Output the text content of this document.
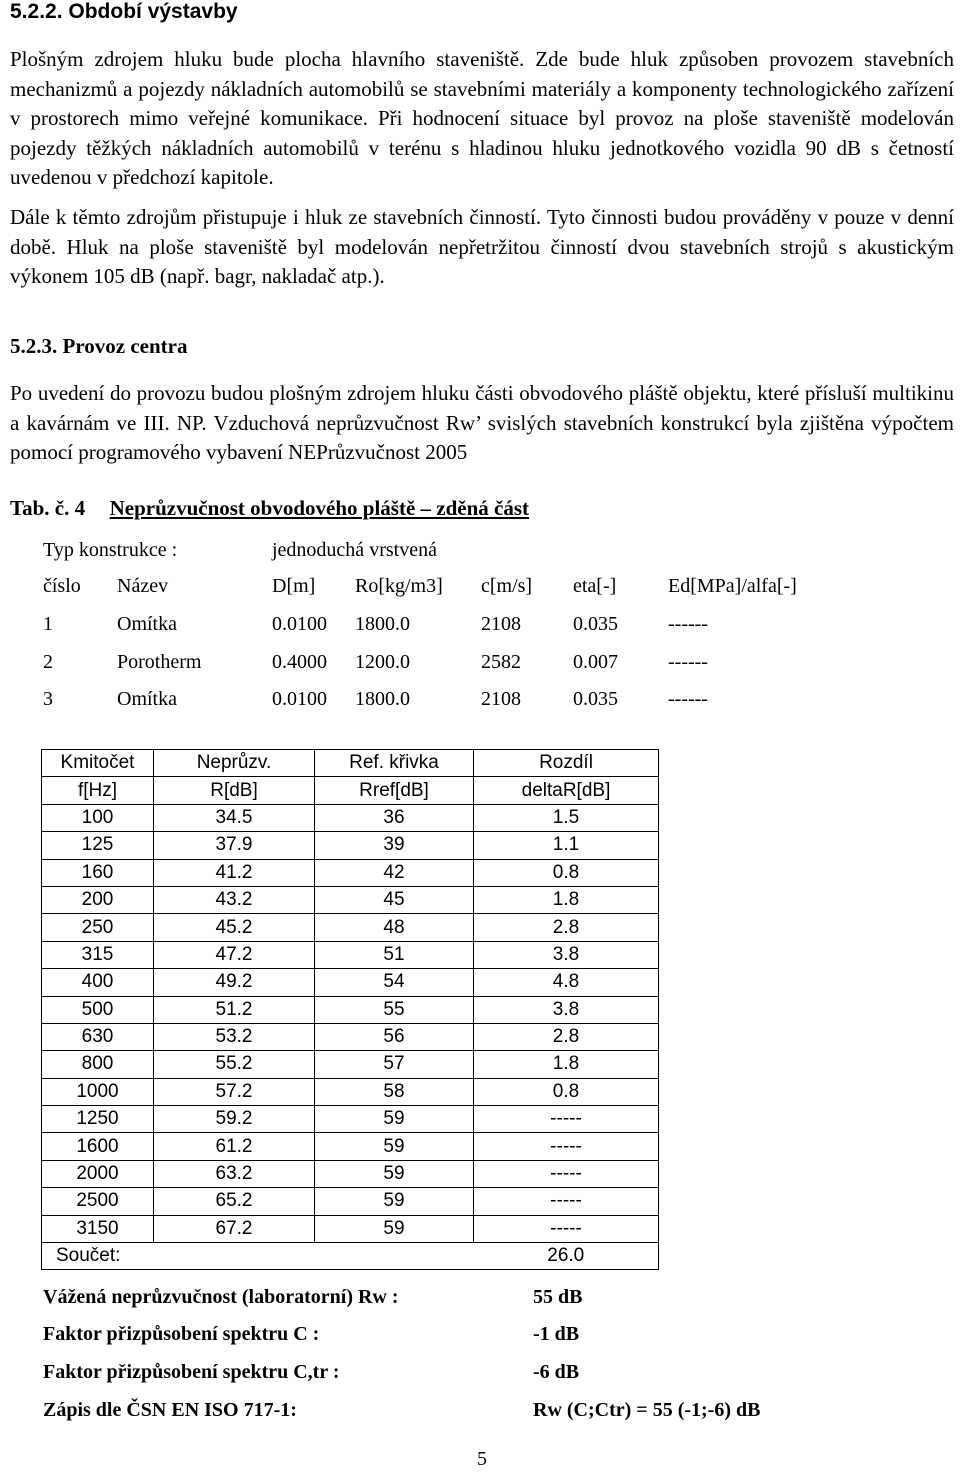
5.2.2. Období výstavby
Plošným zdrojem hluku bude plocha hlavního staveniště. Zde bude hluk způsoben provozem stavebních mechanizmů a pojezdy nákladních automobilů se stavebními materiály a komponenty technologického zařízení v prostorech mimo veřejné komunikace. Při hodnocení situace byl provoz na ploše staveniště modelován pojezdy těžkých nákladních automobilů v terénu s hladinou hluku jednotkového vozidla 90 dB s četností uvedenou v předchozí kapitole.
Dále k těmto zdrojům přistupuje i hluk ze stavebních činností. Tyto činnosti budou prováděny v pouze v denní době. Hluk na ploše staveniště byl modelován nepřetržitou činností dvou stavebních strojů s akustickým výkonem 105 dB (např. bagr, nakladač atp.).
5.2.3. Provoz centra
Po uvedení do provozu budou plošným zdrojem hluku části obvodového pláště objektu, které přísluší multikinu a kavárnám ve III. NP. Vzduchová neprůzvučnost Rw’ svislých stavebních konstrukcí byla zjištěna výpočtem pomocí programového vybavení NEPrůzvučnost 2005
Tab. č. 4 Neprůzvučnost obvodového pláště – zděná část
Typ konstrukce :	jednoduchá vrstvená
číslo Název	D[m] Ro[kg/m3] c[m/s] eta[-]	Ed[MPa]/alfa[-]
1	Omítka	0.0100 1800.0	2108	0.035	------
2	Porotherm	0.4000 1200.0	2582	0.007	------
3	Omítka	0.0100 1800.0	2108	0.035	------
Kmitočet	Neprůzv.	Ref. křivka	Rozdíl
f[Hz]	R[dB]	Rref[dB]	deltaR[dB]
100	34.5	36	1.5
125	37.9	39	1.1
160	41.2	42	0.8
200	43.2	45	1.8
250	45.2	48	2.8
315	47.2	51	3.8
400	49.2	54	4.8
500	51.2	55	3.8
630	53.2	56	2.8
800	55.2	57	1.8
1000	57.2	58	0.8
1250	59.2	59	-----
1600	61.2	59	-----
2000	63.2	59	-----
2500	65.2	59	-----
3150	67.2	59	-----
Součet:			26.0
Vážená neprůzvučnost (laboratorní) Rw :	55 dB
Faktor přizpůsobení spektru C :	-1 dB
Faktor přizpůsobení spektru C,tr :	-6 dB
Zápis dle ČSN EN ISO 717-1:	Rw (C;Ctr) = 55 (-1;-6) dB
5
